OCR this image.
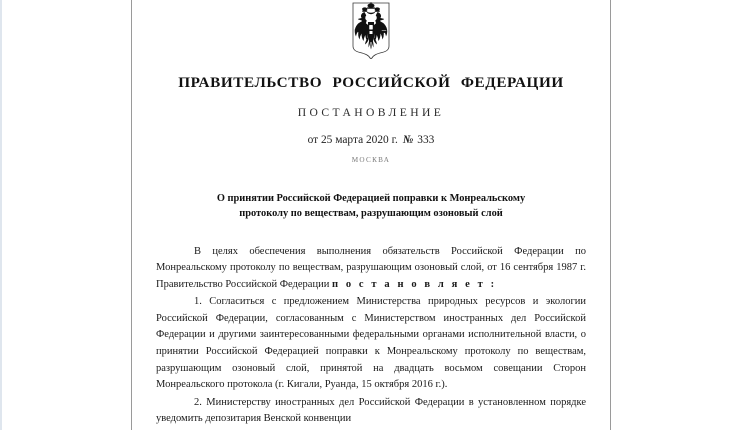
ПРАВИТЕЛЬСТВО РОССИЙСКОЙ ФЕДЕРАЦИИ
ПОСТАНОВЛЕНИЕ
от 25 марта 2020 г. № 333
МОСКВА
О принятии Российской Федерацией поправки к Монреальскому
протоколу по веществам, разрушающим озоновый слой

В целях обеспечения выполнения обязательств Российской Федерации по Монреальскому протоколу по веществам, разрушающим озоновый слой, от 16 сентября 1987 г. Правительство Российской Федерации п о с т а н о в л я е т :

1. Согласиться с предложением Министерства природных ресурсов и экологии Российской Федерации, согласованным с Министерством иностранных дел Российской Федерации и другими заинтересованными федеральными органами исполнительной власти, о принятии Российской Федерацией поправки к Монреальскому протоколу по веществам, разрушающим озоновый слой, принятой на двадцать восьмом совещании Сторон Монреальского протокола (г. Кигали, Руанда, 15 октября 2016 г.).

2. Министерству иностранных дел Российской Федерации в установленном порядке уведомить депозитария Венской конвенции
